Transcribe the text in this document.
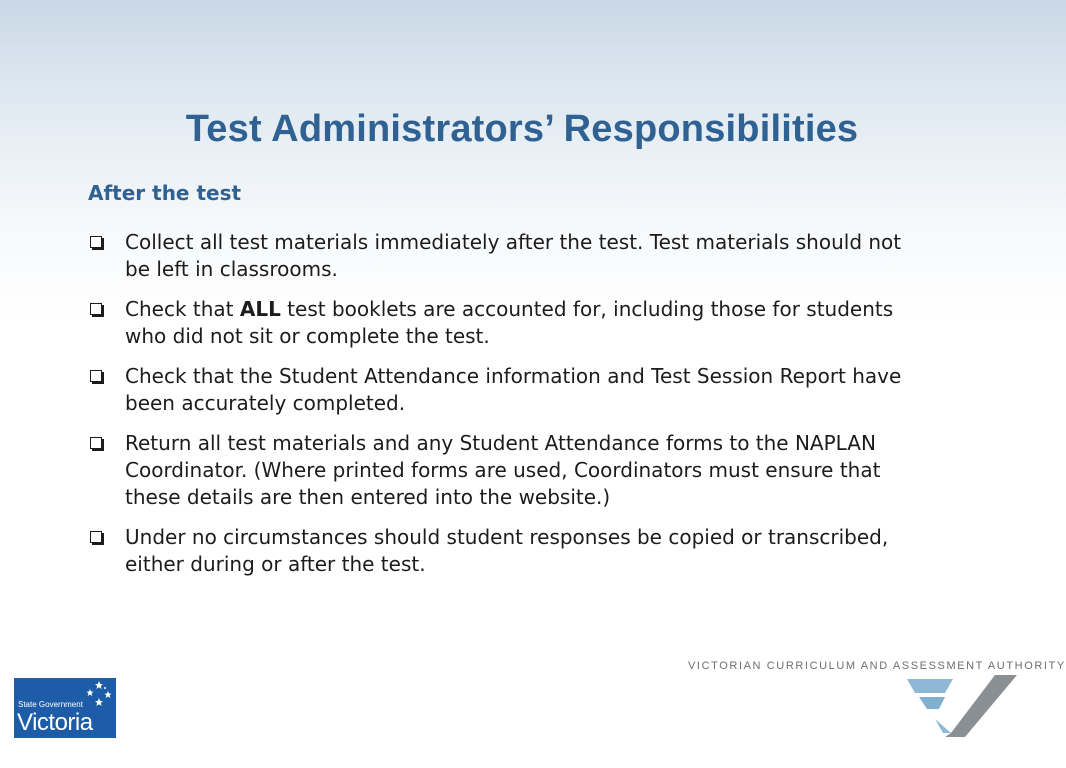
Test Administrators’ Responsibilities
After the test
Collect all test materials immediately after the test. Test materials should not be left in classrooms.
Check that ALL test booklets are accounted for, including those for students who did not sit or complete the test.
Check that the Student Attendance information and Test Session Report have been accurately completed.
Return all test materials and any Student Attendance forms to the NAPLAN Coordinator. (Where printed forms are used, Coordinators must ensure that these details are then entered into the website.)
Under no circumstances should student responses be copied or transcribed, either during or after the test.
State Government
Victoria
VICTORIAN CURRICULUM AND ASSESSMENT AUTHORITY
